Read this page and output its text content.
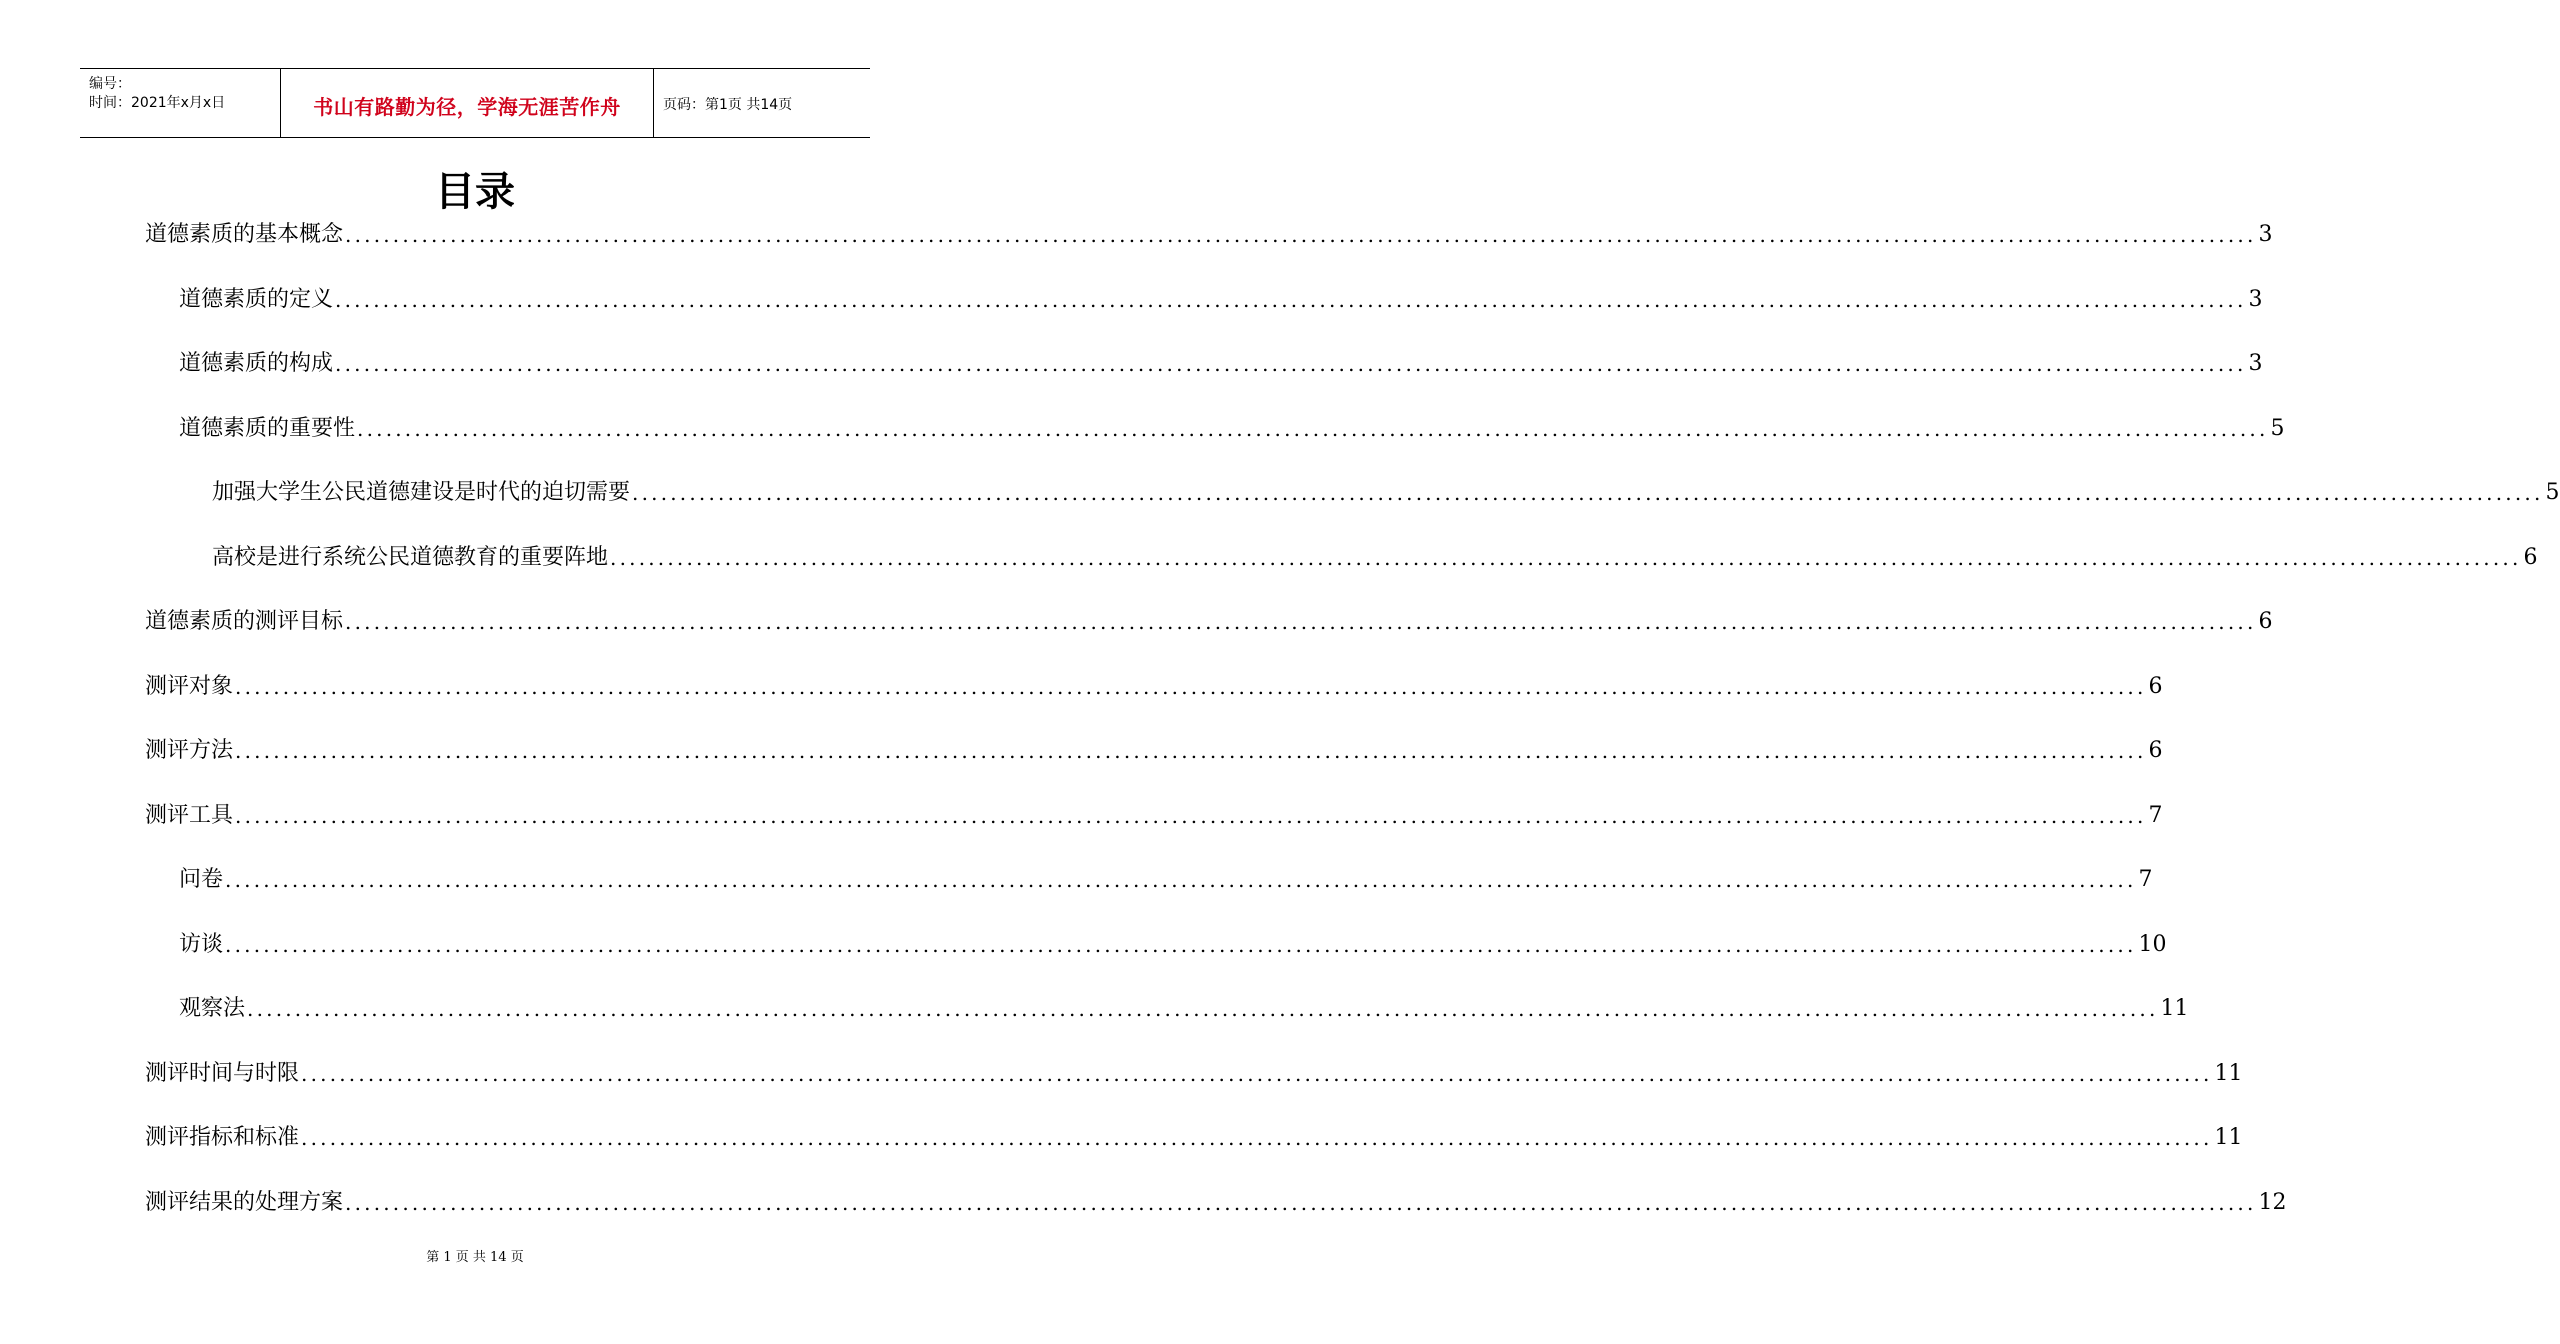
编号：
时间：2021年x月x日	书山有路勤为径，学海无涯苦作舟	页码：第1页 共14页
目录
道德素质的基本概念 ........................................................................................................................................................................................................ 3
道德素质的定义 ........................................................................................................................................................................................................ 3
道德素质的构成 ........................................................................................................................................................................................................ 3
道德素质的重要性 ........................................................................................................................................................................................................ 5
加强大学生公民道德建设是时代的迫切需要 ........................................................................................................................................................................................................ 5
高校是进行系统公民道德教育的重要阵地 ........................................................................................................................................................................................................ 6
道德素质的测评目标 ........................................................................................................................................................................................................ 6
测评对象 ........................................................................................................................................................................................................ 6
测评方法 ........................................................................................................................................................................................................ 6
测评工具 ........................................................................................................................................................................................................ 7
问卷 ........................................................................................................................................................................................................ 7
访谈 ........................................................................................................................................................................................................ 10
观察法 ........................................................................................................................................................................................................ 11
测评时间与时限 ........................................................................................................................................................................................................ 11
测评指标和标准 ........................................................................................................................................................................................................ 11
测评结果的处理方案 ........................................................................................................................................................................................................ 12
第 1 页 共 14 页
